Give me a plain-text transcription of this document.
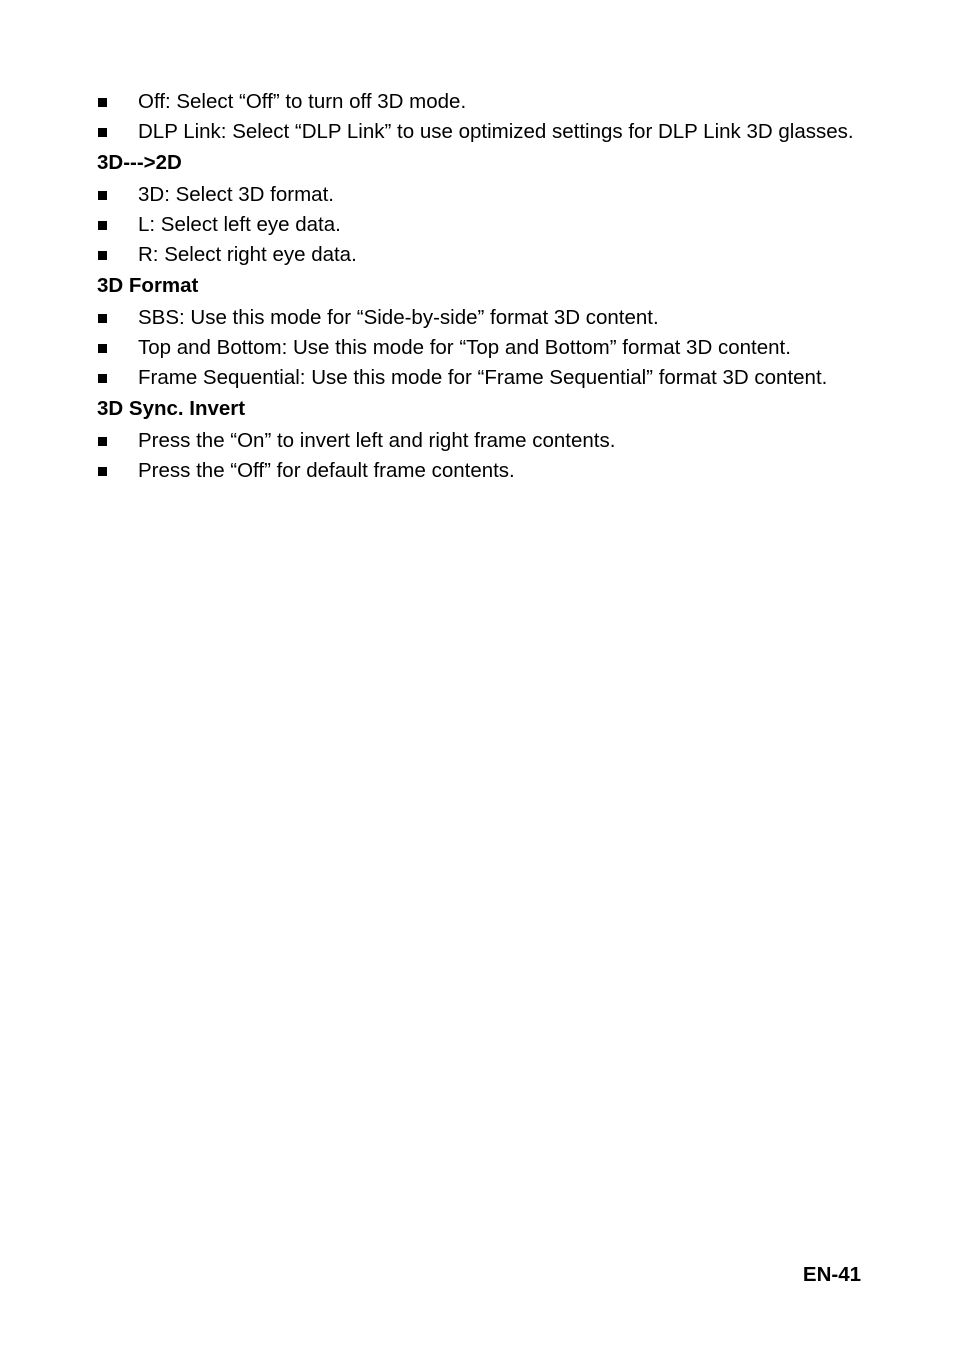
Off: Select “Off” to turn off 3D mode.
DLP Link: Select “DLP Link” to use optimized settings for DLP Link 3D glasses.
3D--->2D
3D: Select 3D format.
L: Select left eye data.
R: Select right eye data.
3D Format
SBS: Use this mode for “Side-by-side” format 3D content.
Top and Bottom: Use this mode for “Top and Bottom” format 3D content.
Frame Sequential: Use this mode for “Frame Sequential” format 3D content.
3D Sync. Invert
Press the “On” to invert left and right frame contents.
Press the “Off” for default frame contents.
EN-41
